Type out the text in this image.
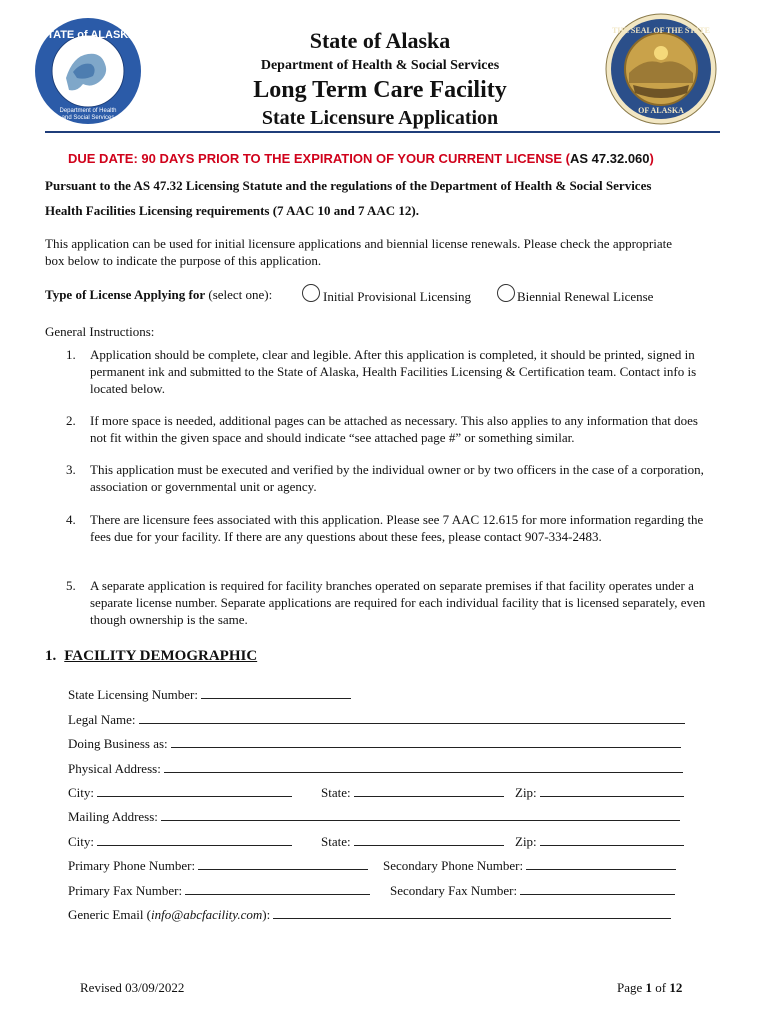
STATE of ALASKA
Department of Health
and Social Services
THE SEAL OF THE STATE
OF ALASKA
State of Alaska
Department of Health & Social Services
Long Term Care Facility
State Licensure Application
DUE DATE: 90 DAYS PRIOR TO THE EXPIRATION OF YOUR CURRENT LICENSE (AS 47.32.060)
Pursuant to the AS 47.32 Licensing Statute and the regulations of the Department of Health & Social Services
Health Facilities Licensing requirements (7 AAC 10 and 7 AAC 12).
This application can be used for initial licensure applications and biennial license renewals. Please check the appropriate
box below to indicate the purpose of this application.
Type of License Applying for (select one):	Initial Provisional Licensing	Biennial Renewal License
General Instructions:
1. Application should be complete, clear and legible. After this application is completed, it should be printed, signed in permanent ink and submitted to the State of Alaska, Health Facilities Licensing & Certification team. Contact info is located below.
2. If more space is needed, additional pages can be attached as necessary. This also applies to any information that does not fit within the given space and should indicate “see attached page #” or something similar.
3. This application must be executed and verified by the individual owner or by two officers in the case of a corporation, association or governmental unit or agency.
4. There are licensure fees associated with this application. Please see 7 AAC 12.615 for more information regarding the fees due for your facility. If there are any questions about these fees, please contact 907-334-2483.
5. A separate application is required for facility branches operated on separate premises if that facility operates under a separate license number. Separate applications are required for each individual facility that is licensed separately, even though ownership is the same.
1. FACILITY DEMOGRAPHIC
State Licensing Number:
Legal Name:
Doing Business as:
Physical Address:
City:	State:	Zip:
Mailing Address:
City:	State:	Zip:
Primary Phone Number:	Secondary Phone Number:
Primary Fax Number:	Secondary Fax Number:
Generic Email (info@abcfacility.com):
Revised 03/09/2022	Page 1 of 12
